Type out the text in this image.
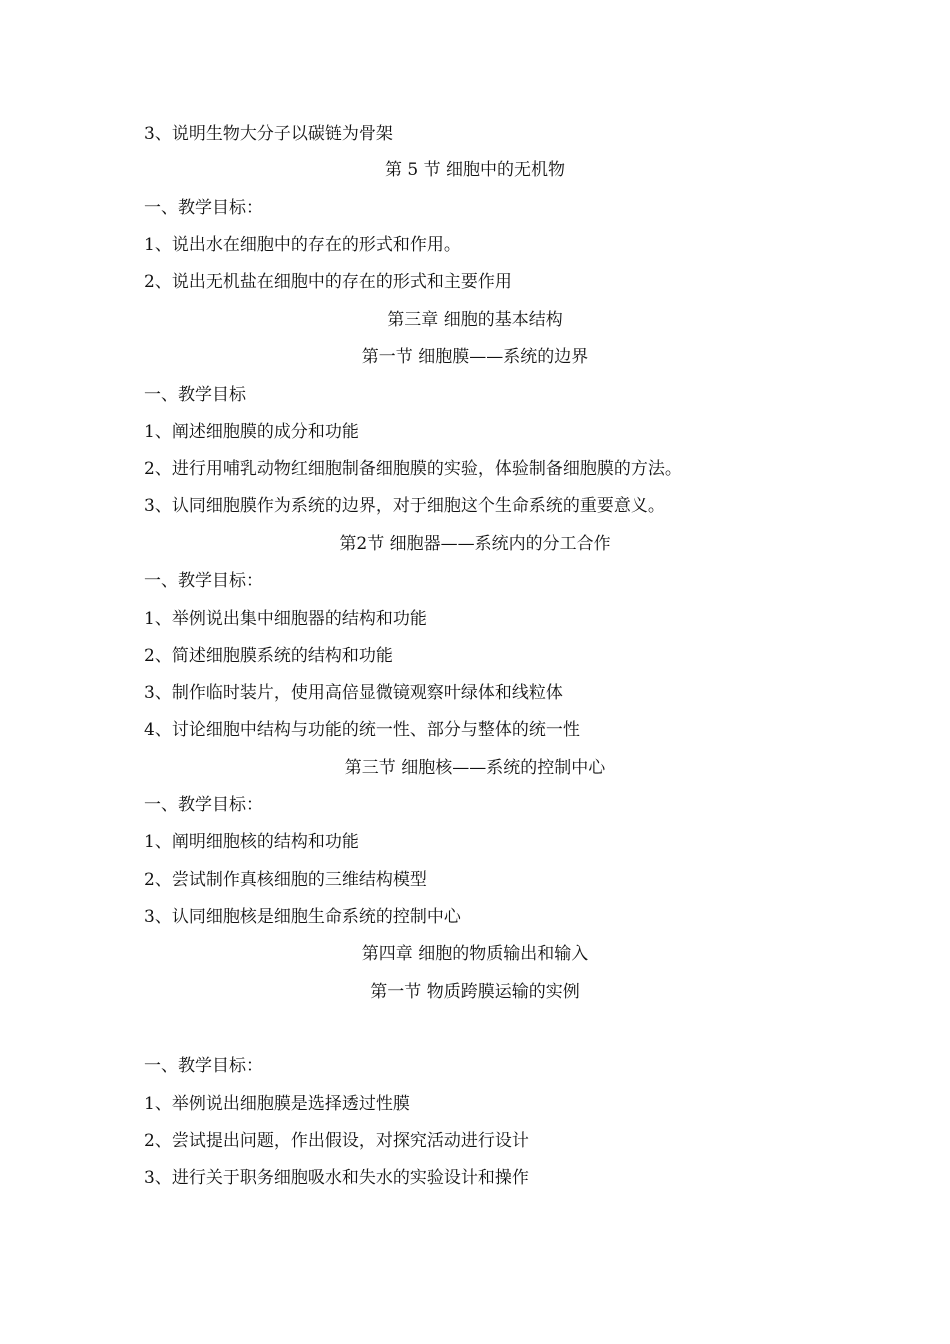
3、说明生物大分子以碳链为骨架
第 5 节 细胞中的无机物
一、教学目标：
1、说出水在细胞中的存在的形式和作用。
2、说出无机盐在细胞中的存在的形式和主要作用
第三章 细胞的基本结构
第一节 细胞膜——系统的边界
一、教学目标
1、阐述细胞膜的成分和功能
2、进行用哺乳动物红细胞制备细胞膜的实验，体验制备细胞膜的方法。
3、认同细胞膜作为系统的边界，对于细胞这个生命系统的重要意义。
第2节 细胞器——系统内的分工合作
一、教学目标：
1、举例说出集中细胞器的结构和功能
2、简述细胞膜系统的结构和功能
3、制作临时装片，使用高倍显微镜观察叶绿体和线粒体
4、讨论细胞中结构与功能的统一性、部分与整体的统一性
第三节 细胞核——系统的控制中心
一、教学目标：
1、阐明细胞核的结构和功能
2、尝试制作真核细胞的三维结构模型
3、认同细胞核是细胞生命系统的控制中心
第四章 细胞的物质输出和输入
第一节 物质跨膜运输的实例
一、教学目标：
1、举例说出细胞膜是选择透过性膜
2、尝试提出问题，作出假设，对探究活动进行设计
3、进行关于职务细胞吸水和失水的实验设计和操作
